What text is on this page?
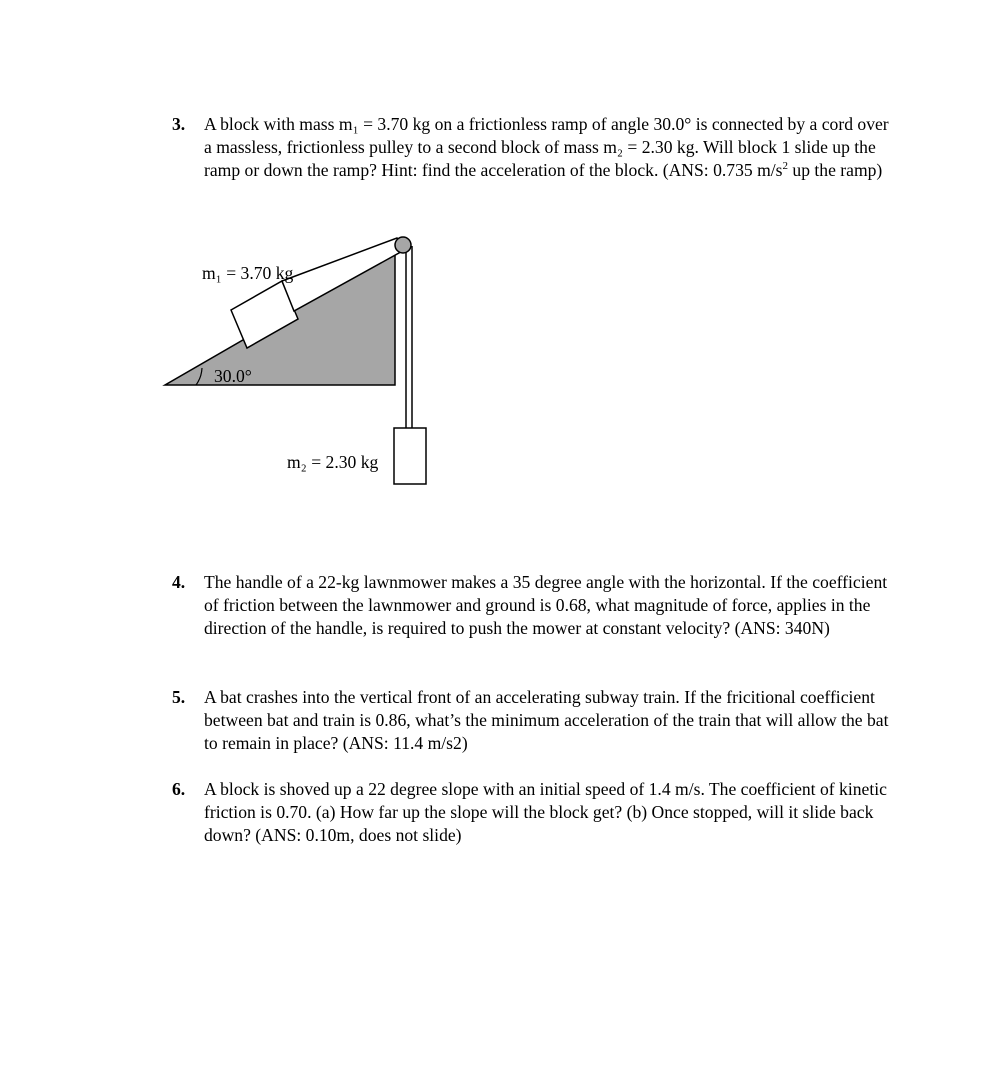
3. A block with mass m₁ = 3.70 kg on a frictionless ramp of angle 30.0° is connected by a cord over a massless, frictionless pulley to a second block of mass m₂ = 2.30 kg. Will block 1 slide up the ramp or down the ramp? Hint: find the acceleration of the block. (ANS: 0.735 $m/s^2$ up the ramp)
m₁ = 3.70 kg
30.0°
m₂ = 2.30 kg
4. The handle of a 22-kg lawnmower makes a 35 degree angle with the horizontal. If the coefficient of friction between the lawnmower and ground is 0.68, what magnitude of force, applies in the direction of the handle, is required to push the mower at constant velocity? (ANS: 340N)
5. A bat crashes into the vertical front of an accelerating subway train. If the fricitional coefficient between bat and train is 0.86, what’s the minimum acceleration of the train that will allow the bat to remain in place? (ANS: 11.4 m/s2)
6. A block is shoved up a 22 degree slope with an initial speed of 1.4 m/s. The coefficient of kinetic friction is 0.70. (a) How far up the slope will the block get? (b) Once stopped, will it slide back down? (ANS: 0.10m, does not slide)
